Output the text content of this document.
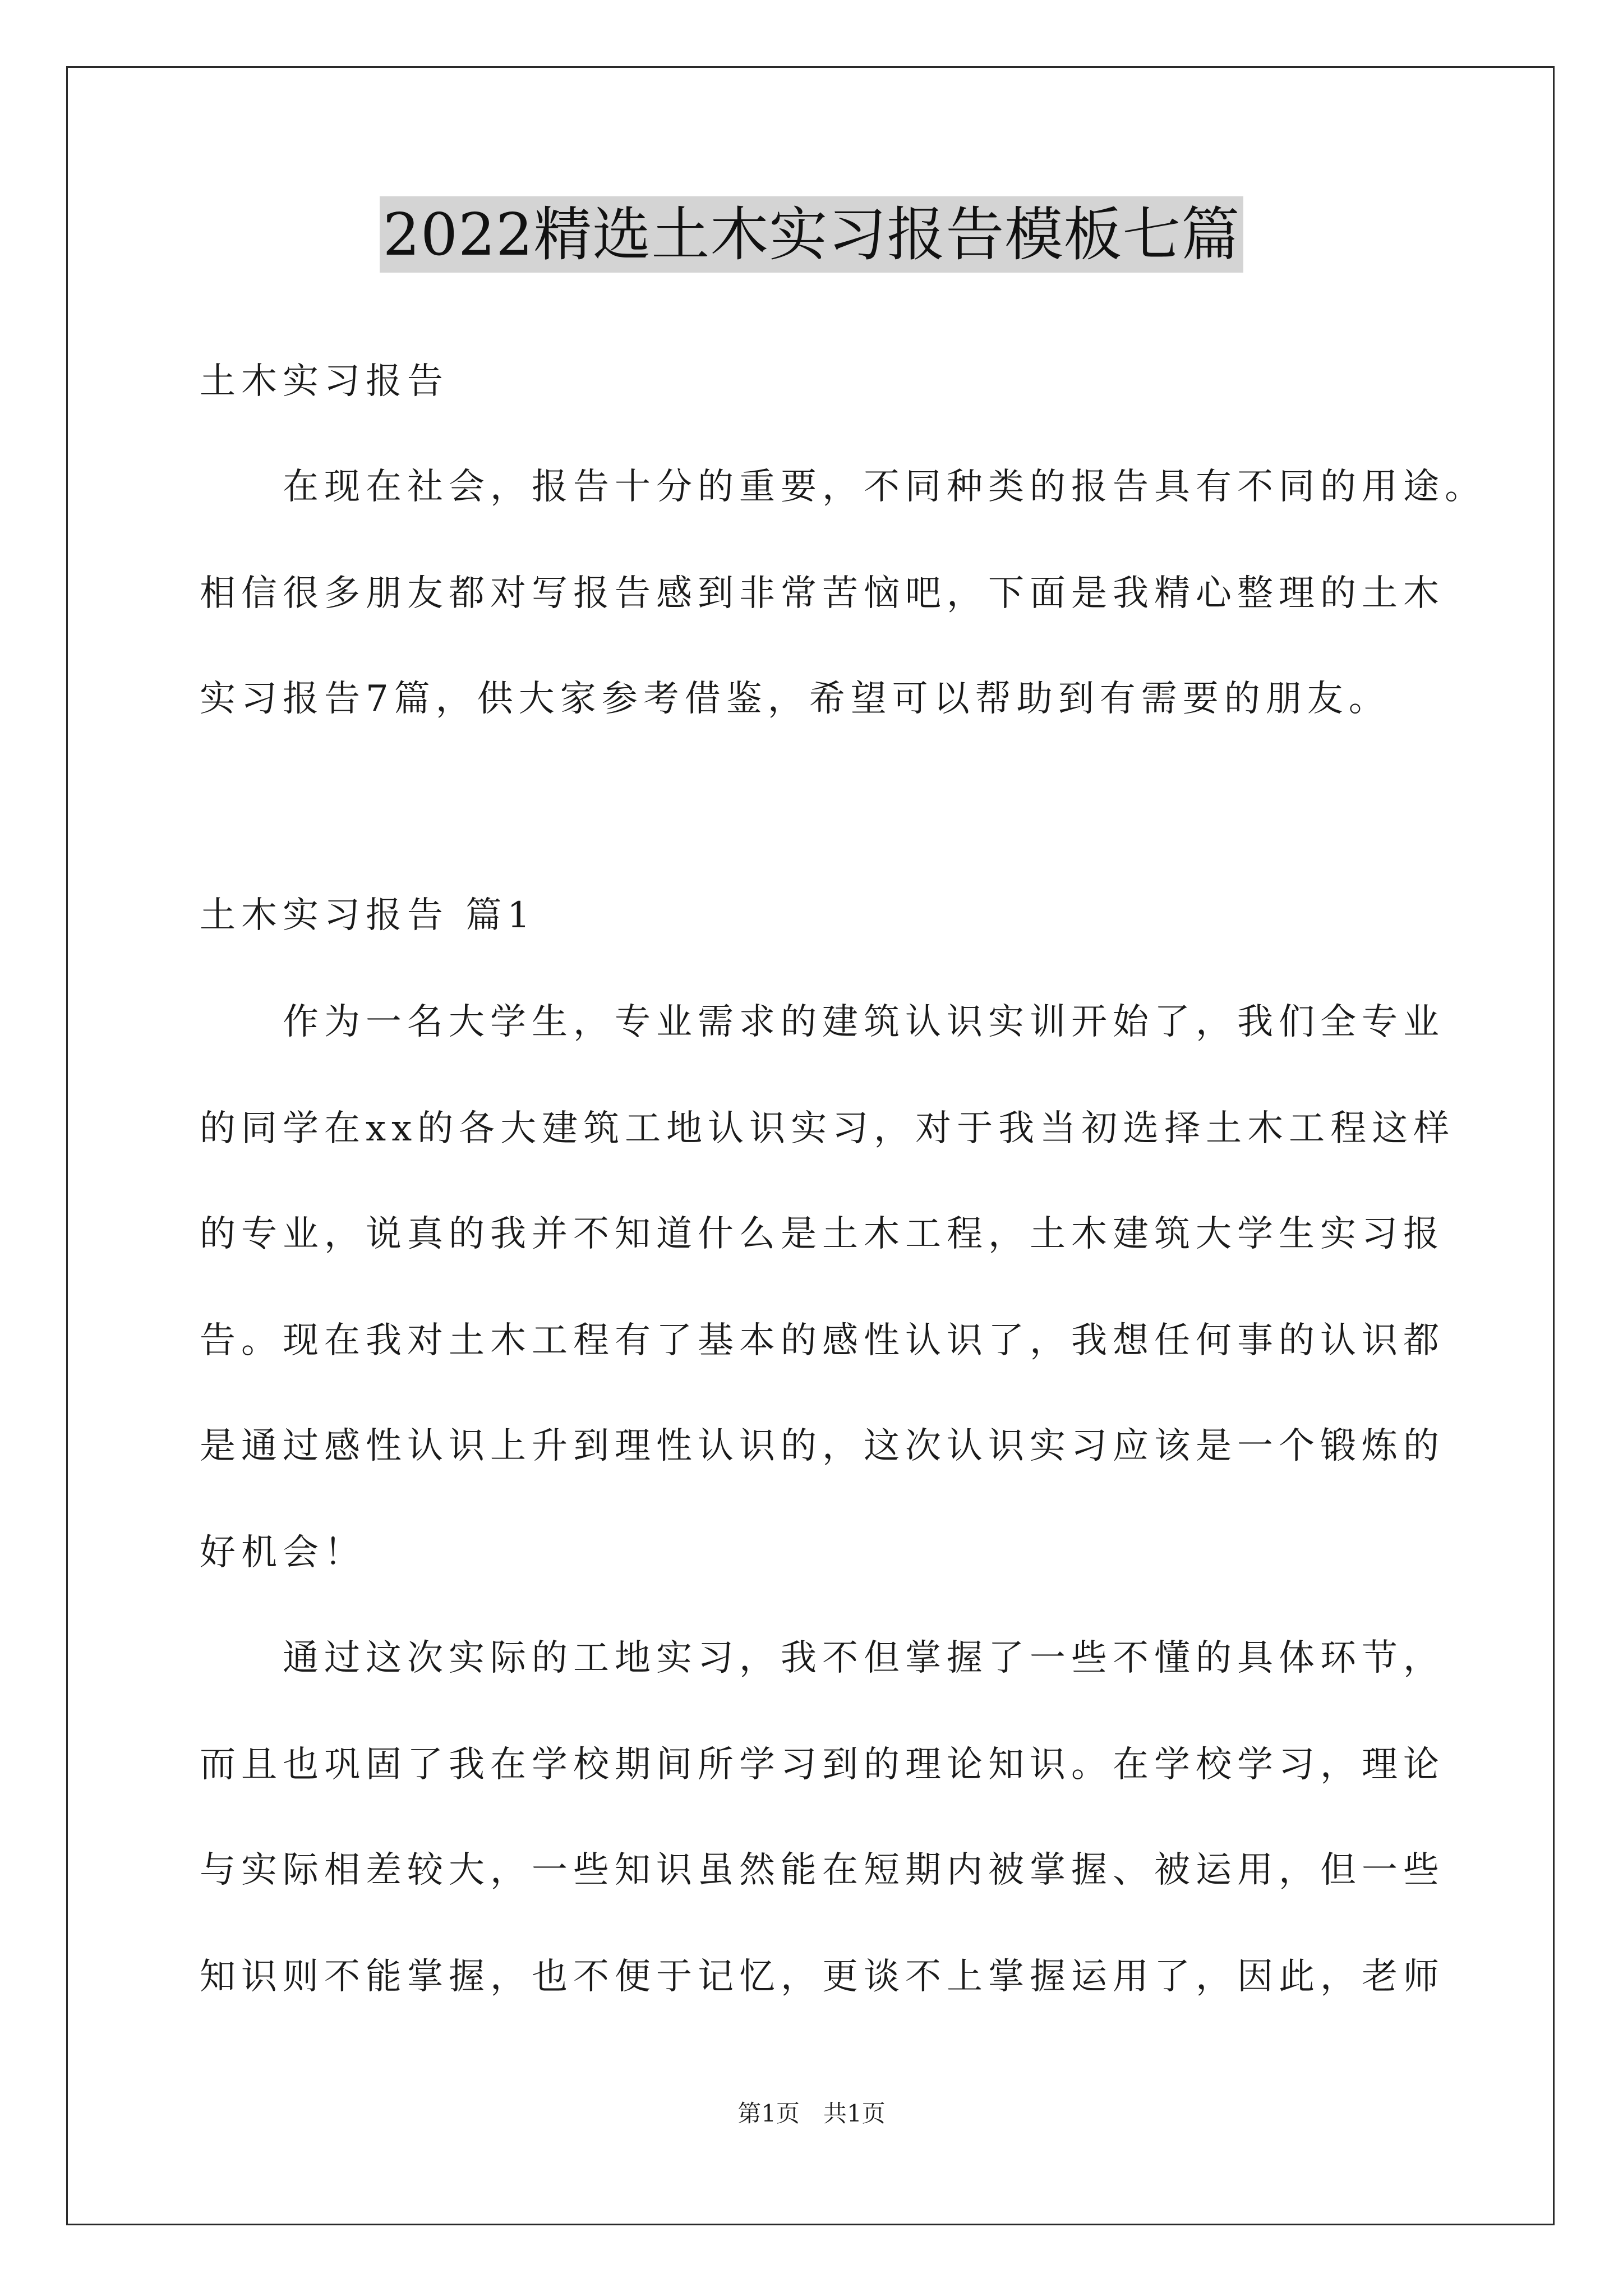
2022精选土木实习报告模板七篇
土木实习报告
在现在社会，报告十分的重要，不同种类的报告具有不同的用途。
相信很多朋友都对写报告感到非常苦恼吧，下面是我精心整理的土木
实习报告7篇，供大家参考借鉴，希望可以帮助到有需要的朋友。
土木实习报告 篇1
作为一名大学生，专业需求的建筑认识实训开始了，我们全专业
的同学在xx的各大建筑工地认识实习，对于我当初选择土木工程这样
的专业，说真的我并不知道什么是土木工程，土木建筑大学生实习报
告。现在我对土木工程有了基本的感性认识了，我想任何事的认识都
是通过感性认识上升到理性认识的，这次认识实习应该是一个锻炼的
好机会！
通过这次实际的工地实习，我不但掌握了一些不懂的具体环节，
而且也巩固了我在学校期间所学习到的理论知识。在学校学习，理论
与实际相差较大，一些知识虽然能在短期内被掌握、被运用，但一些
知识则不能掌握，也不便于记忆，更谈不上掌握运用了，因此，老师
第1页　共1页
